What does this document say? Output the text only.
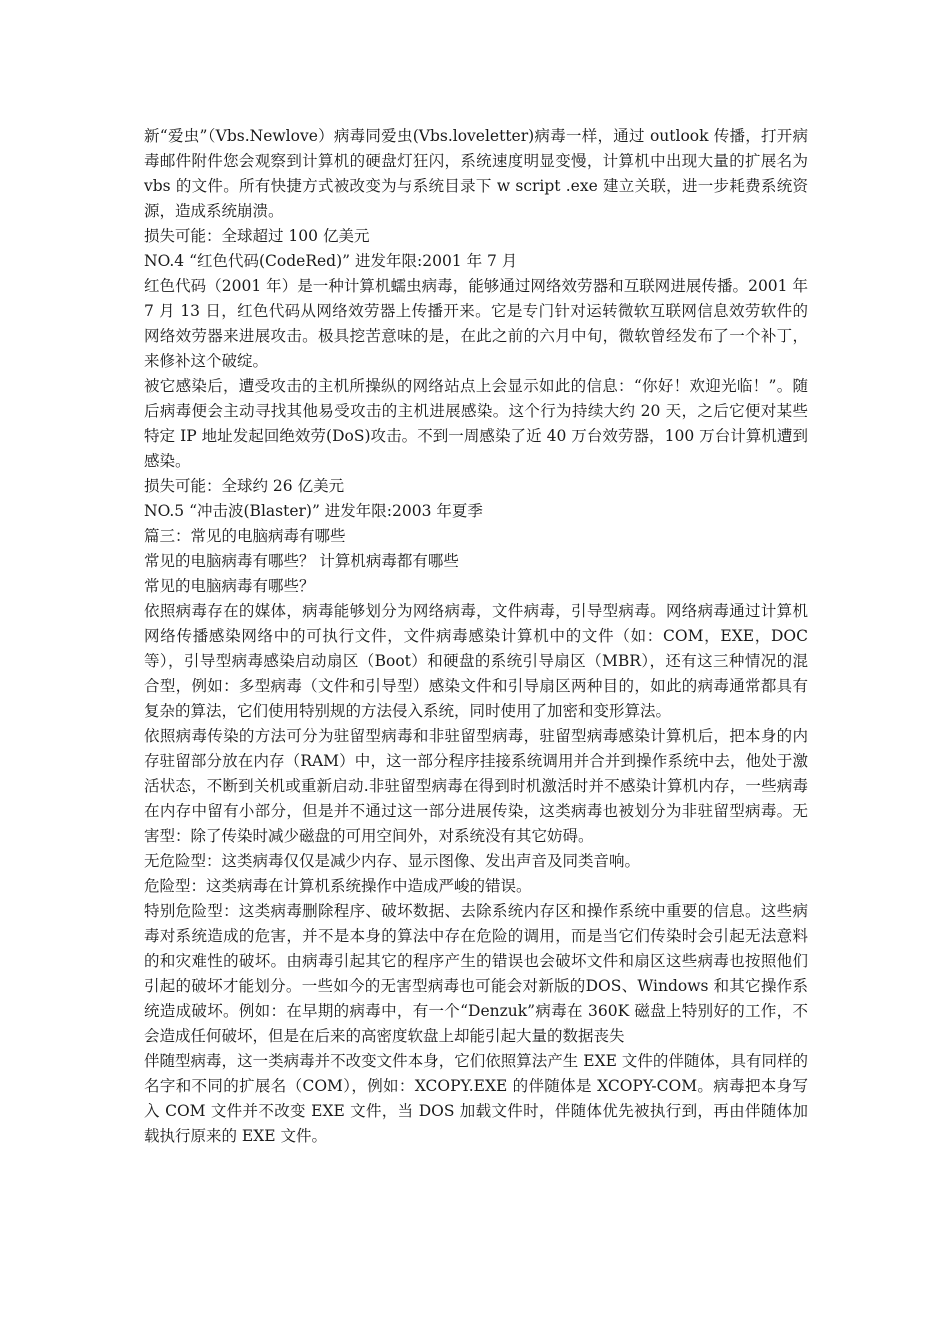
新“爱虫”（Vbs.Newlove）病毒同爱虫(Vbs.loveletter)病毒一样，通过 outlook 传播，打开病毒邮件附件您会观察到计算机的硬盘灯狂闪，系统速度明显变慢，计算机中出现大量的扩展名为 vbs 的文件。所有快捷方式被改变为与系统目录下 w script .exe 建立关联，进一步耗费系统资源，造成系统崩溃。

损失可能：全球超过 100 亿美元

NO.4 “红色代码(CodeRed)” 进发年限:2001 年 7 月

红色代码（2001 年）是一种计算机蠕虫病毒，能够通过网络效劳器和互联网进展传播。2001 年 7 月 13 日，红色代码从网络效劳器上传播开来。它是专门针对运转微软互联网信息效劳软件的网络效劳器来进展攻击。极具挖苦意味的是，在此之前的六月中旬，微软曾经发布了一个补丁，来修补这个破绽。

被它感染后，遭受攻击的主机所操纵的网络站点上会显示如此的信息：“你好！欢迎光临！”。随后病毒便会主动寻找其他易受攻击的主机进展感染。这个行为持续大约 20 天，之后它便对某些特定 IP 地址发起回绝效劳(DoS)攻击。不到一周感染了近 40 万台效劳器，100 万台计算机遭到感染。

损失可能：全球约 26 亿美元

NO.5 “冲击波(Blaster)” 进发年限:2003 年夏季

篇三：常见的电脑病毒有哪些

常见的电脑病毒有哪些？ 计算机病毒都有哪些

常见的电脑病毒有哪些？

依照病毒存在的媒体，病毒能够划分为网络病毒，文件病毒，引导型病毒。网络病毒通过计算机网络传播感染网络中的可执行文件，文件病毒感染计算机中的文件（如：COM，EXE，DOC 等），引导型病毒感染启动扇区（Boot）和硬盘的系统引导扇区（MBR），还有这三种情况的混合型，例如：多型病毒（文件和引导型）感染文件和引导扇区两种目的，如此的病毒通常都具有复杂的算法，它们使用特别规的方法侵入系统，同时使用了加密和变形算法。

依照病毒传染的方法可分为驻留型病毒和非驻留型病毒，驻留型病毒感染计算机后，把本身的内存驻留部分放在内存（RAM）中，这一部分程序挂接系统调用并合并到操作系统中去，他处于激活状态，不断到关机或重新启动.非驻留型病毒在得到时机激活时并不感染计算机内存，一些病毒在内存中留有小部分，但是并不通过这一部分进展传染，这类病毒也被划分为非驻留型病毒。无害型：除了传染时减少磁盘的可用空间外，对系统没有其它妨碍。

无危险型：这类病毒仅仅是减少内存、显示图像、发出声音及同类音响。

危险型：这类病毒在计算机系统操作中造成严峻的错误。

特别危险型：这类病毒删除程序、破坏数据、去除系统内存区和操作系统中重要的信息。这些病毒对系统造成的危害，并不是本身的算法中存在危险的调用，而是当它们传染时会引起无法意料的和灾难性的破坏。由病毒引起其它的程序产生的错误也会破坏文件和扇区这些病毒也按照他们引起的破坏才能划分。一些如今的无害型病毒也可能会对新版的DOS、Windows 和其它操作系统造成破坏。例如：在早期的病毒中，有一个“Denzuk”病毒在 360K 磁盘上特别好的工作，不会造成任何破坏，但是在后来的高密度软盘上却能引起大量的数据丧失

伴随型病毒，这一类病毒并不改变文件本身，它们依照算法产生 EXE 文件的伴随体，具有同样的名字和不同的扩展名（COM），例如：XCOPY.EXE 的伴随体是 XCOPY-COM。病毒把本身写入 COM 文件并不改变 EXE 文件，当 DOS 加载文件时，伴随体优先被执行到，再由伴随体加载执行原来的 EXE 文件。
